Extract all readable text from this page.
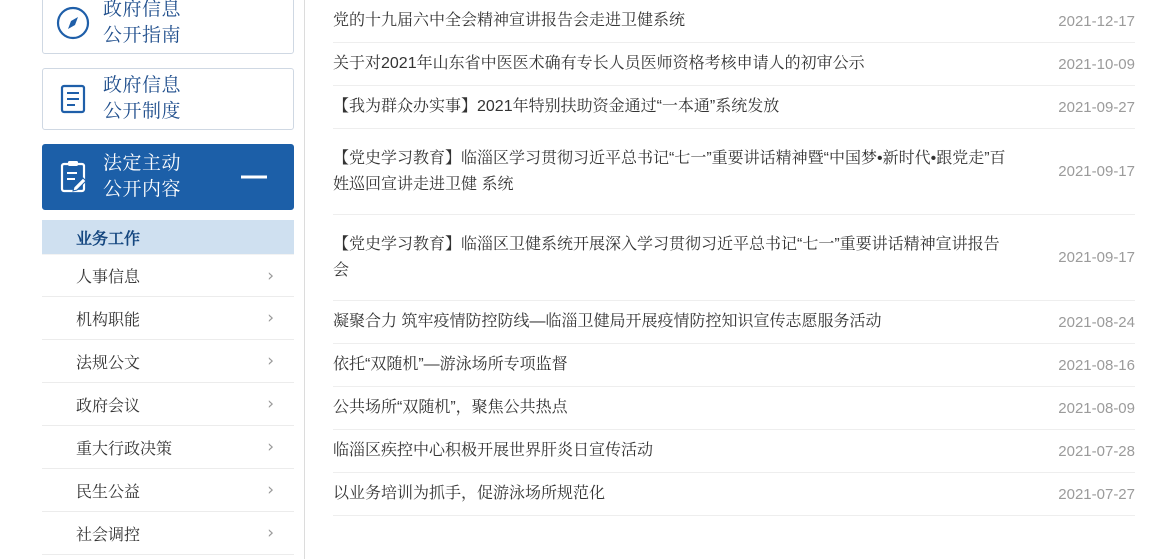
政府信息
公开指南
政府信息
公开制度
法定主动
公开内容
业务工作
人事信息	›
机构职能	›
法规公文	›
政府会议	›
重大行政决策	›
民生公益	›
社会调控	›
党的十九届六中全会精神宣讲报告会走进卫健系统	2021-12-17
关于对2021年山东省中医医术确有专长人员医师资格考核申请人的初审公示	2021-10-09
【我为群众办实事】2021年特别扶助资金通过“一本通”系统发放	2021-09-27
【党史学习教育】临淄区学习贯彻习近平总书记“七一”重要讲话精神暨“中国梦•新时代•跟党走”百姓巡回宣讲走进卫健 系统
2021-09-17
【党史学习教育】临淄区卫健系统开展深入学习贯彻习近平总书记“七一”重要讲话精神宣讲报告会
2021-09-17
凝聚合力 筑牢疫情防控防线—临淄卫健局开展疫情防控知识宣传志愿服务活动	2021-08-24
依托“双随机”—游泳场所专项监督	2021-08-16
公共场所“双随机”，聚焦公共热点	2021-08-09
临淄区疾控中心积极开展世界肝炎日宣传活动	2021-07-28
以业务培训为抓手，促游泳场所规范化	2021-07-27
